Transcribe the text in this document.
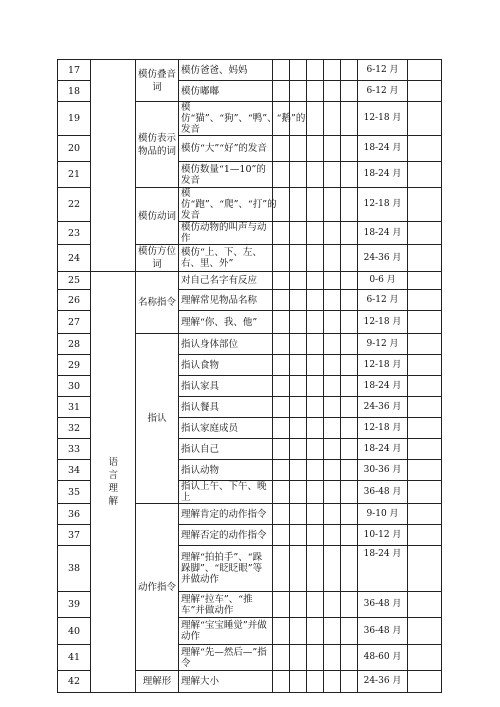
17		模仿叠音词	模仿爸爸、妈妈						6-12 月	
18			模仿嘟嘟						6-12 月	
19		模仿表示物品的词	模仿“猫”、“狗”、“鸭”、“鹅”的发音						12-18 月	
20			模仿“大”“好”的发音						18-24 月	
21			模仿数量“1—10”的发音						18-24 月	
22		模仿动词	模仿“跑”、“爬”、“打”的发音						12-18 月	
23			模仿动物的叫声与动作						18-24 月	
24		模仿方位词	模仿“上、下、左、右、里、外”						24-36 月	
25	语言理解	名称指令	对自己名字有反应						0-6 月	
26			理解常见物品名称						6-12 月	
27			理解“你、我、他”						12-18 月	
28		指认	指认身体部位						9-12 月	
29			指认食物						12-18 月	
30			指认家具						18-24 月	
31			指认餐具						24-36 月	
32			指认家庭成员						12-18 月	
33			指认自己						18-24 月	
34			指认动物						30-36 月	
35			指认上午、下午、晚上						36-48 月	
36		动作指令	理解肯定的动作指令						9-10 月	
37			理解否定的动作指令						10-12 月	
38			理解“拍拍手”、“跺跺脚”、“眨眨眼”等并做动作						18-24 月	
39			理解“拉车”、“推车”并做动作						36-48 月	
40			理解“宝宝睡觉”并做动作						36-48 月	
41			理解“先—然后—”指令						48-60 月	
42		理解形	理解大小						24-36 月	
